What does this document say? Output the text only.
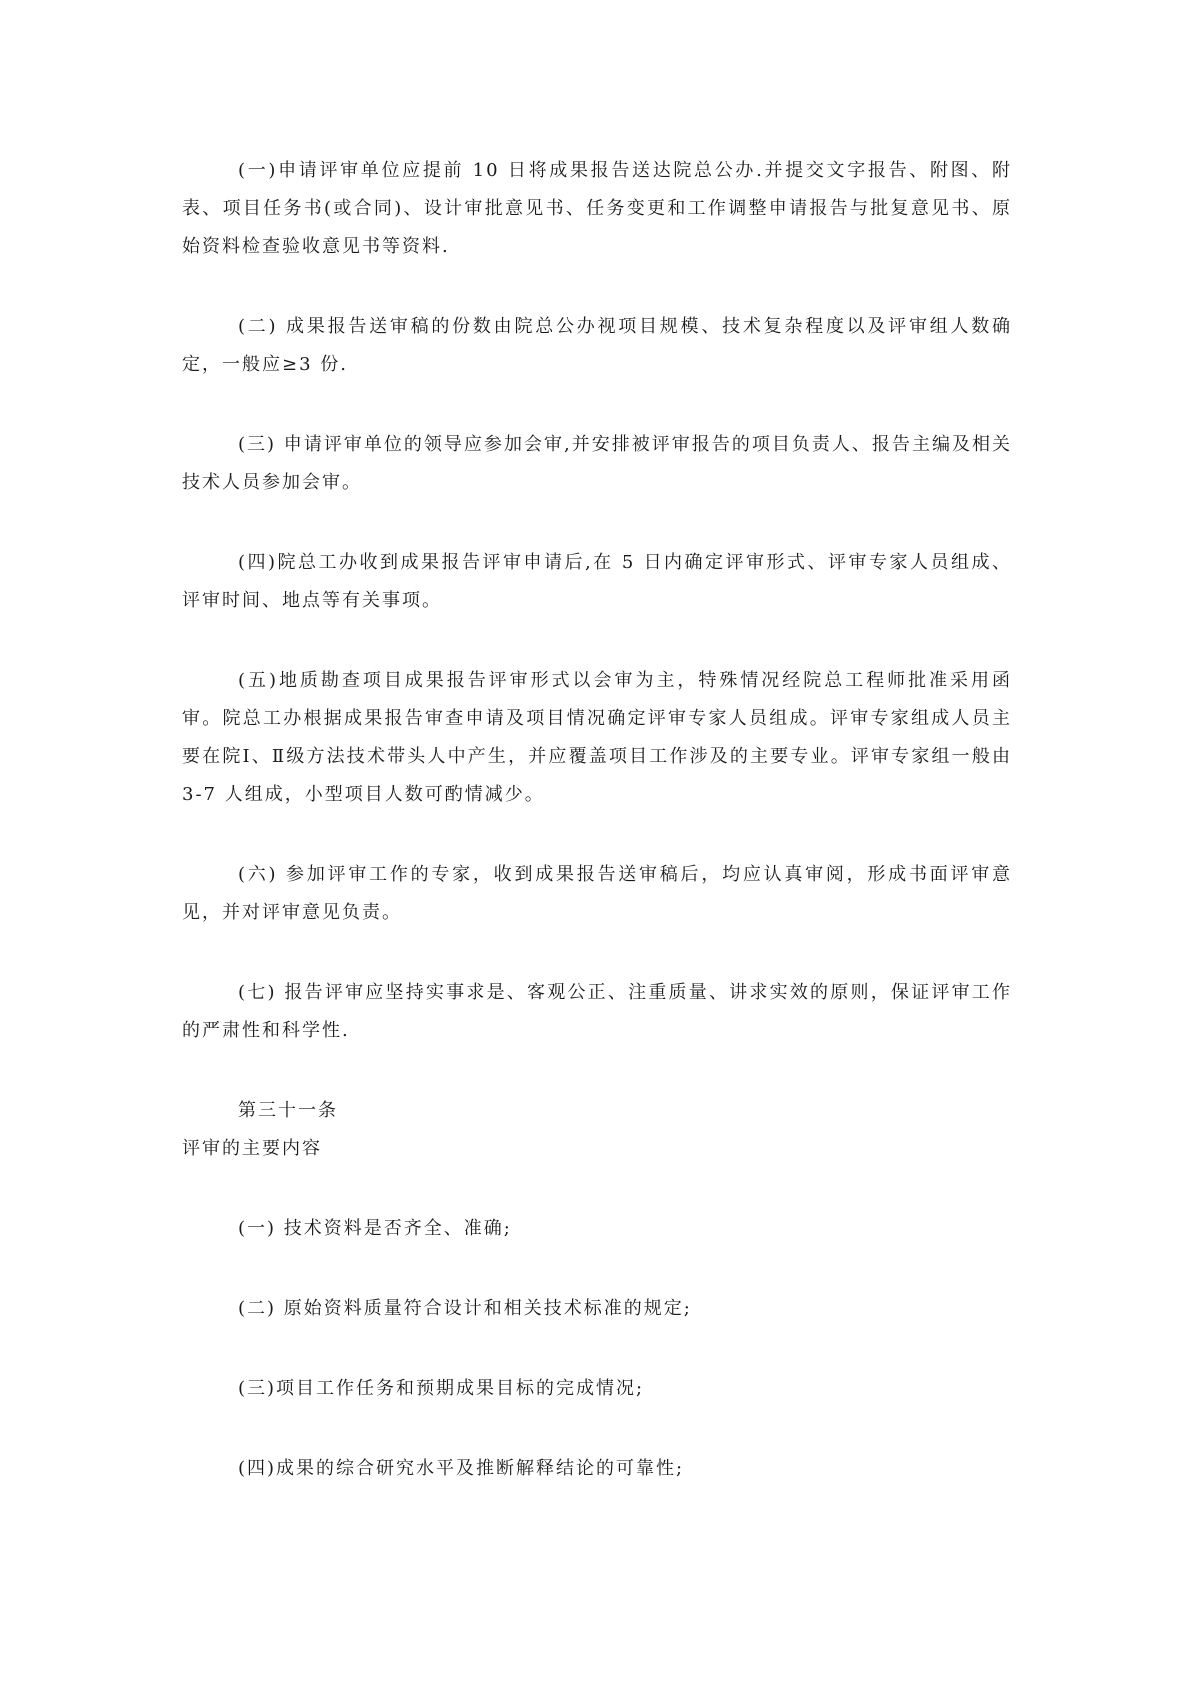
(一)申请评审单位应提前 10 日将成果报告送达院总公办.并提交文字报告、附图、附表、项目任务书(或合同)、设计审批意见书、任务变更和工作调整申请报告与批复意见书、原始资料检查验收意见书等资料.

(二) 成果报告送审稿的份数由院总公办视项目规模、技术复杂程度以及评审组人数确定，一般应≥3 份.

(三) 申请评审单位的领导应参加会审,并安排被评审报告的项目负责人、报告主编及相关技术人员参加会审。

(四)院总工办收到成果报告评审申请后,在 5 日内确定评审形式、评审专家人员组成、评审时间、地点等有关事项。

(五)地质勘查项目成果报告评审形式以会审为主，特殊情况经院总工程师批准采用函审。院总工办根据成果报告审查申请及项目情况确定评审专家人员组成。评审专家组成人员主要在院Ⅰ、Ⅱ级方法技术带头人中产生，并应覆盖项目工作涉及的主要专业。评审专家组一般由 3-7 人组成，小型项目人数可酌情减少。

(六) 参加评审工作的专家，收到成果报告送审稿后，均应认真审阅，形成书面评审意见，并对评审意见负责。

(七) 报告评审应坚持实事求是、客观公正、注重质量、讲求实效的原则，保证评审工作的严肃性和科学性.

第三十一条

评审的主要内容

(一) 技术资料是否齐全、准确;

(二) 原始资料质量符合设计和相关技术标准的规定;

(三)项目工作任务和预期成果目标的完成情况;

(四)成果的综合研究水平及推断解释结论的可靠性;
